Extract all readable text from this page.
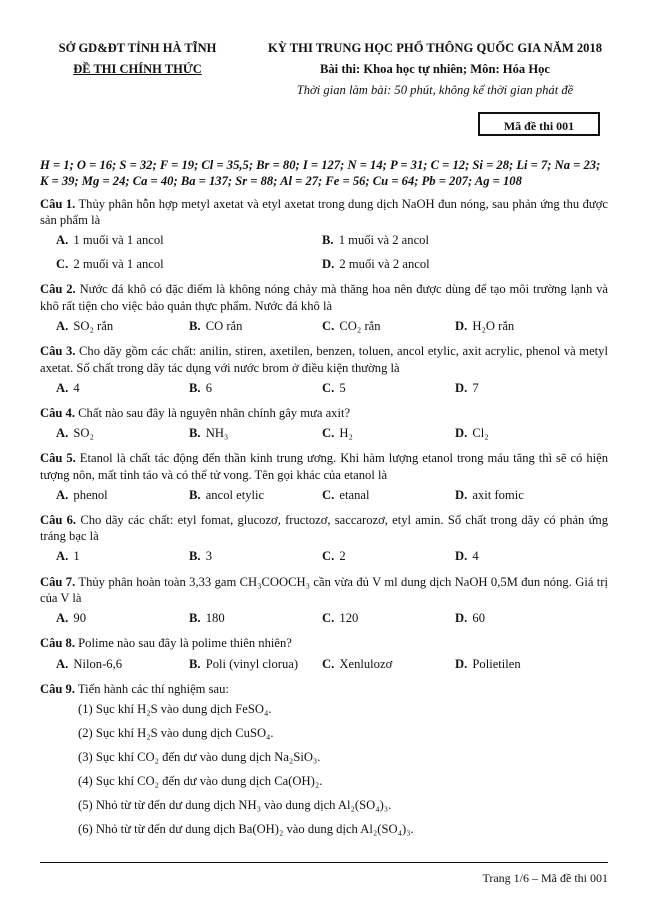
SỞ GD&ĐT TỈNH HÀ TĨNH
ĐỀ THI CHÍNH THỨC
KỲ THI TRUNG HỌC PHỔ THÔNG QUỐC GIA NĂM 2018
Bài thi: Khoa học tự nhiên; Môn: Hóa Học
Thời gian làm bài: 50 phút, không kể thời gian phát đề
Mã đề thi 001
H = 1; O = 16; S = 32; F = 19; Cl = 35,5; Br = 80; I = 127; N = 14; P = 31; C = 12; Si = 28; Li = 7; Na = 23; K = 39; Mg = 24; Ca = 40; Ba = 137; Sr = 88; Al = 27; Fe = 56; Cu = 64; Pb = 207; Ag = 108
Câu 1. Thủy phân hỗn hợp metyl axetat và etyl axetat trong dung dịch NaOH đun nóng, sau phản ứng thu được sản phẩm là
A. 1 muối và 1 ancol	B. 1 muối và 2 ancol
C. 2 muối và 1 ancol	D. 2 muối và 2 ancol
Câu 2. Nước đá khô có đặc điểm là không nóng chảy mà thăng hoa nên được dùng để tạo môi trường lạnh và khô rất tiện cho việc bảo quản thực phẩm. Nước đá khô là
A. SO₂ rắn	B. CO rắn	C. CO₂ rắn	D. H₂O rắn
Câu 3. Cho dãy gồm các chất: anilin, stiren, axetilen, benzen, toluen, ancol etylic, axit acrylic, phenol và metyl axetat. Số chất trong dãy tác dụng với nước brom ở điều kiện thường là
A. 4	B. 6	C. 5	D. 7
Câu 4. Chất nào sau đây là nguyên nhân chính gây mưa axit?
A. SO₂	B. NH₃	C. H₂	D. Cl₂
Câu 5. Etanol là chất tác động đến thần kinh trung ương. Khi hàm lượng etanol trong máu tăng thì sẽ có hiện tượng nôn, mất tỉnh táo và có thể tử vong. Tên gọi khác của etanol là
A. phenol	B. ancol etylic	C. etanal	D. axit fomic
Câu 6. Cho dãy các chất: etyl fomat, glucozơ, fructozơ, saccarozơ, etyl amin. Số chất trong dãy có phản ứng tráng bạc là
A. 1	B. 3	C. 2	D. 4
Câu 7. Thủy phân hoàn toàn 3,33 gam CH₃COOCH₃ cần vừa đủ V ml dung dịch NaOH 0,5M đun nóng. Giá trị của V là
A. 90	B. 180	C. 120	D. 60
Câu 8. Polime nào sau đây là polime thiên nhiên?
A. Nilon-6,6	B. Poli (vinyl clorua)	C. Xenlulozơ	D. Polietilen
Câu 9. Tiến hành các thí nghiệm sau:
(1) Sục khí H₂S vào dung dịch FeSO₄.
(2) Sục khí H₂S vào dung dịch CuSO₄.
(3) Sục khí CO₂ đến dư vào dung dịch Na₂SiO₃.
(4) Sục khí CO₂ đến dư vào dung dịch Ca(OH)₂.
(5) Nhỏ từ từ đến dư dung dịch NH₃ vào dung dịch Al₂(SO₄)₃.
(6) Nhỏ từ từ đến dư dung dịch Ba(OH)₂ vào dung dịch Al₂(SO₄)₃.
Trang 1/6 – Mã đề thi 001
